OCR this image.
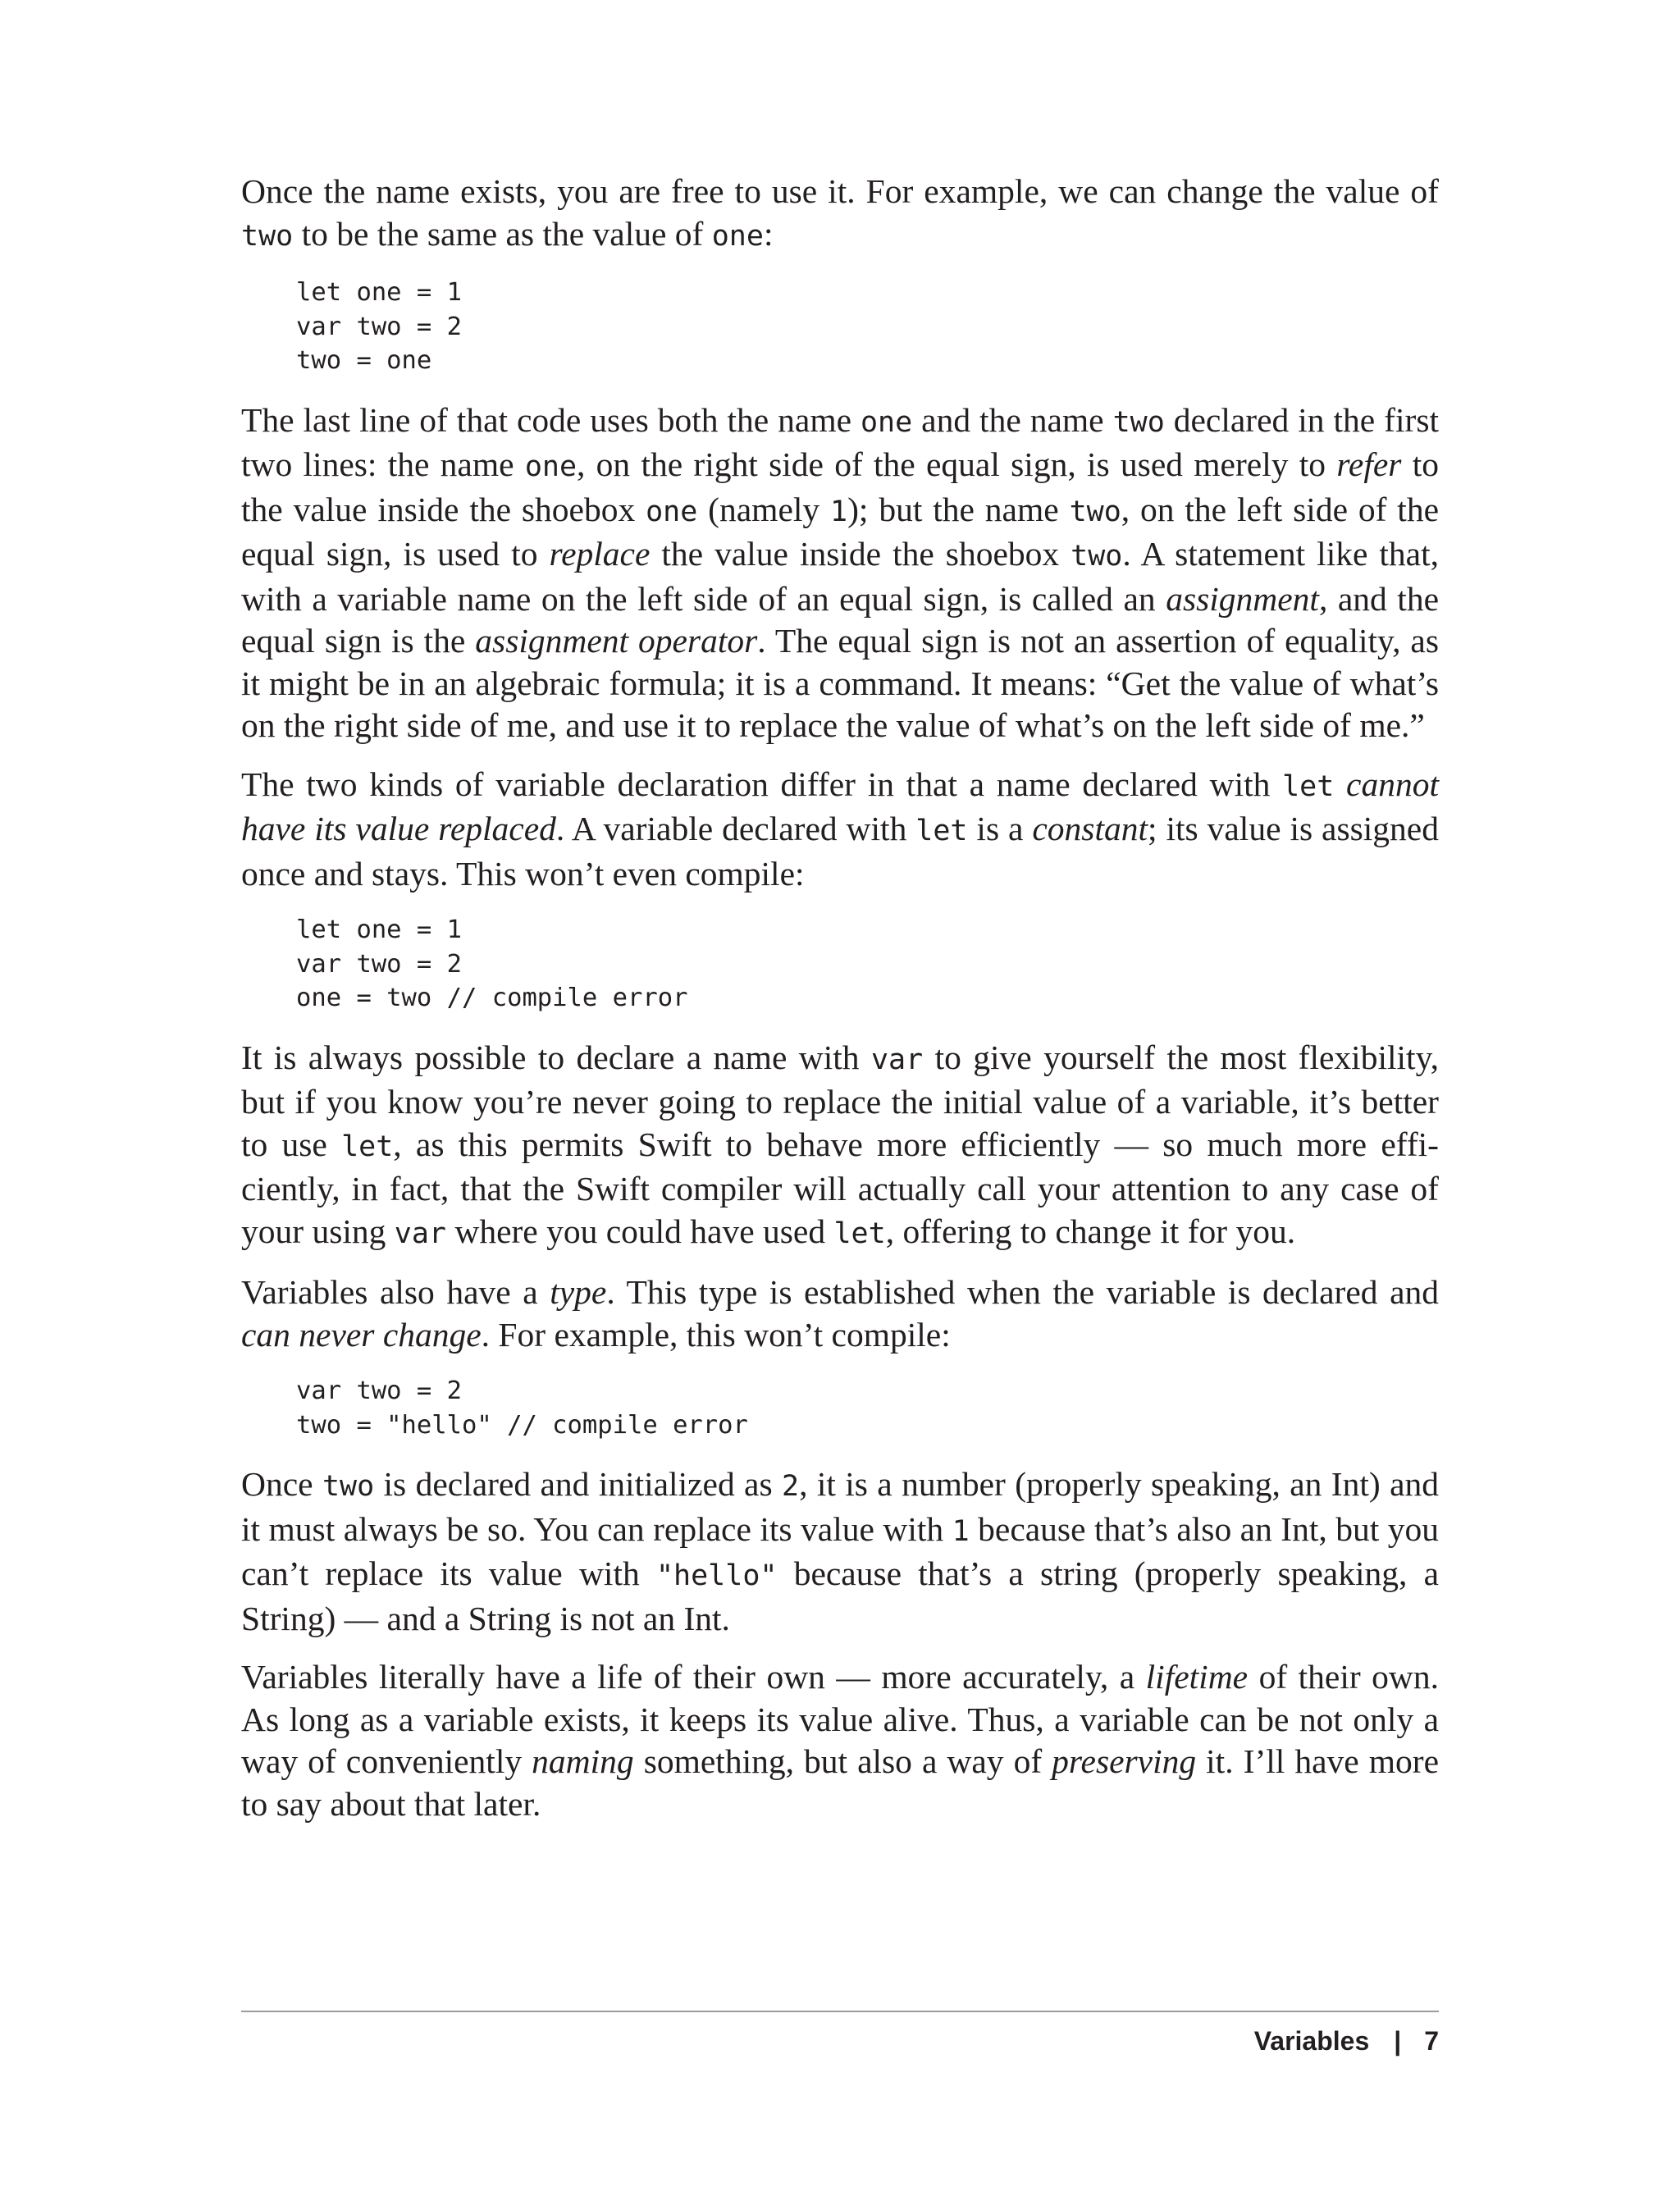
Once the name exists, you are free to use it. For example, we can change the value of two to be the same as the value of one:

let one = 1
var two = 2
two = one

The last line of that code uses both the name one and the name two declared in the first two lines: the name one, on the right side of the equal sign, is used merely to refer to the value inside the shoebox one (namely 1); but the name two, on the left side of the equal sign, is used to replace the value inside the shoebox two. A statement like that, with a variable name on the left side of an equal sign, is called an assignment, and the equal sign is the assignment operator. The equal sign is not an assertion of equality, as it might be in an algebraic formula; it is a command. It means: “Get the value of what’s on the right side of me, and use it to replace the value of what’s on the left side of me.”

The two kinds of variable declaration differ in that a name declared with let cannot have its value replaced. A variable declared with let is a constant; its value is assigned once and stays. This won’t even compile:

let one = 1
var two = 2
one = two // compile error

It is always possible to declare a name with var to give yourself the most flexibility, but if you know you’re never going to replace the initial value of a variable, it’s better to use let, as this permits Swift to behave more efficiently — so much more efficiently, in fact, that the Swift compiler will actually call your attention to any case of your using var where you could have used let, offering to change it for you.

Variables also have a type. This type is established when the variable is declared and can never change. For example, this won’t compile:

var two = 2
two = "hello" // compile error

Once two is declared and initialized as 2, it is a number (properly speaking, an Int) and it must always be so. You can replace its value with 1 because that’s also an Int, but you can’t replace its value with "hello" because that’s a string (properly speaking, a String) — and a String is not an Int.

Variables literally have a life of their own — more accurately, a lifetime of their own. As long as a variable exists, it keeps its value alive. Thus, a variable can be not only a way of conveniently naming something, but also a way of preserving it. I’ll have more to say about that later.

Variables | 7
